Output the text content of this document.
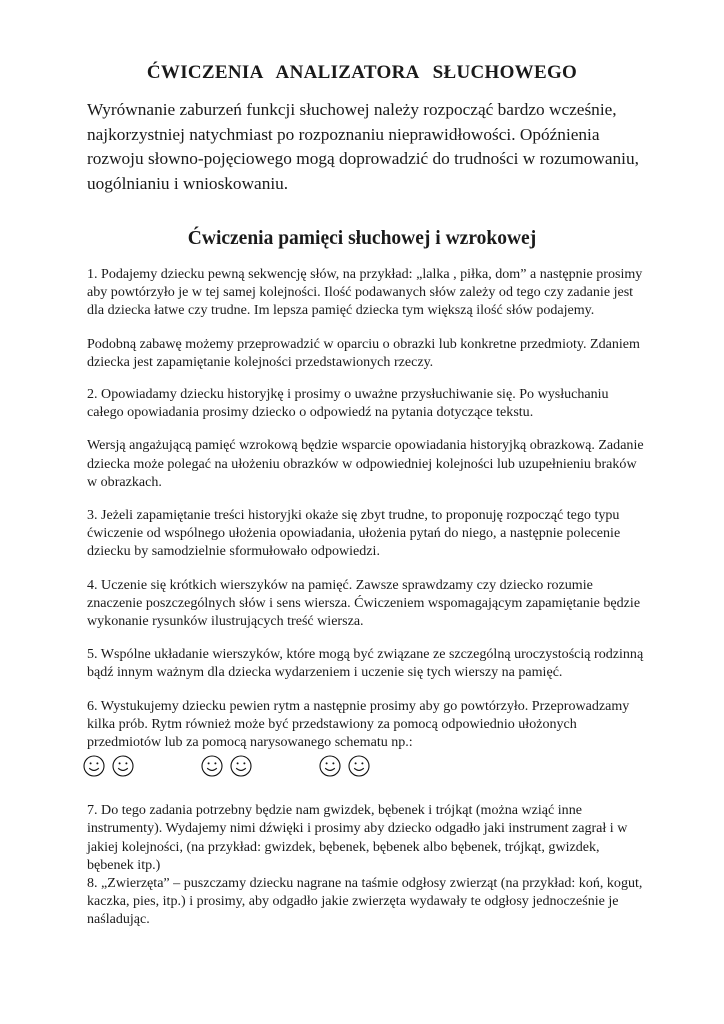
ĆWICZENIA ANALIZATORA SŁUCHOWEGO
Wyrównanie zaburzeń funkcji słuchowej należy rozpocząć bardzo wcześnie, najkorzystniej natychmiast po rozpoznaniu nieprawidłowości. Opóźnienia rozwoju słowno-pojęciowego mogą doprowadzić do trudności w rozumowaniu, uogólnianiu i wnioskowaniu.
Ćwiczenia pamięci słuchowej i wzrokowej

1. Podajemy dziecku pewną sekwencję słów, na przykład: „lalka , piłka, dom” a następnie prosimy aby powtórzyło je w tej samej kolejności. Ilość podawanych słów zależy od tego czy zadanie jest dla dziecka łatwe czy trudne. Im lepsza pamięć dziecka tym większą ilość słów podajemy.

Podobną zabawę możemy przeprowadzić w oparciu o obrazki lub konkretne przedmioty. Zdaniem dziecka jest zapamiętanie kolejności przedstawionych rzeczy.

2. Opowiadamy dziecku historyjkę i prosimy o uważne przysłuchiwanie się. Po wysłuchaniu całego opowiadania prosimy dziecko o odpowiedź na pytania dotyczące tekstu.

Wersją angażującą pamięć wzrokową będzie wsparcie opowiadania historyjką obrazkową. Zadanie dziecka może polegać na ułożeniu obrazków w odpowiedniej kolejności lub uzupełnieniu braków w obrazkach.

3. Jeżeli zapamiętanie treści historyjki okaże się zbyt trudne, to proponuję rozpocząć tego typu ćwiczenie od wspólnego ułożenia opowiadania, ułożenia pytań do niego, a następnie polecenie dziecku by samodzielnie sformułowało odpowiedzi.

4. Uczenie się krótkich wierszyków na pamięć. Zawsze sprawdzamy czy dziecko rozumie znaczenie poszczególnych słów i sens wiersza. Ćwiczeniem wspomagającym zapamiętanie będzie wykonanie rysunków ilustrujących treść wiersza.

5. Wspólne układanie wierszyków, które mogą być związane ze szczególną uroczystością rodzinną bądź innym ważnym dla dziecka wydarzeniem i uczenie się tych wierszy na pamięć.

6. Wystukujemy dziecku pewien rytm a następnie prosimy aby go powtórzyło. Przeprowadzamy kilka prób. Rytm również może być przedstawiony za pomocą odpowiednio ułożonych przedmiotów lub za pomocą narysowanego schematu np.:

7. Do tego zadania potrzebny będzie nam gwizdek, bębenek i trójkąt (można wziąć inne instrumenty). Wydajemy nimi dźwięki i prosimy aby dziecko odgadło jaki instrument zagrał i w jakiej kolejności, (na przykład: gwizdek, bębenek, bębenek albo bębenek, trójkąt, gwizdek, bębenek itp.)

8. „Zwierzęta” – puszczamy dziecku nagrane na taśmie odgłosy zwierząt (na przykład: koń, kogut, kaczka, pies, itp.) i prosimy, aby odgadło jakie zwierzęta wydawały te odgłosy jednocześnie je naśladując.
